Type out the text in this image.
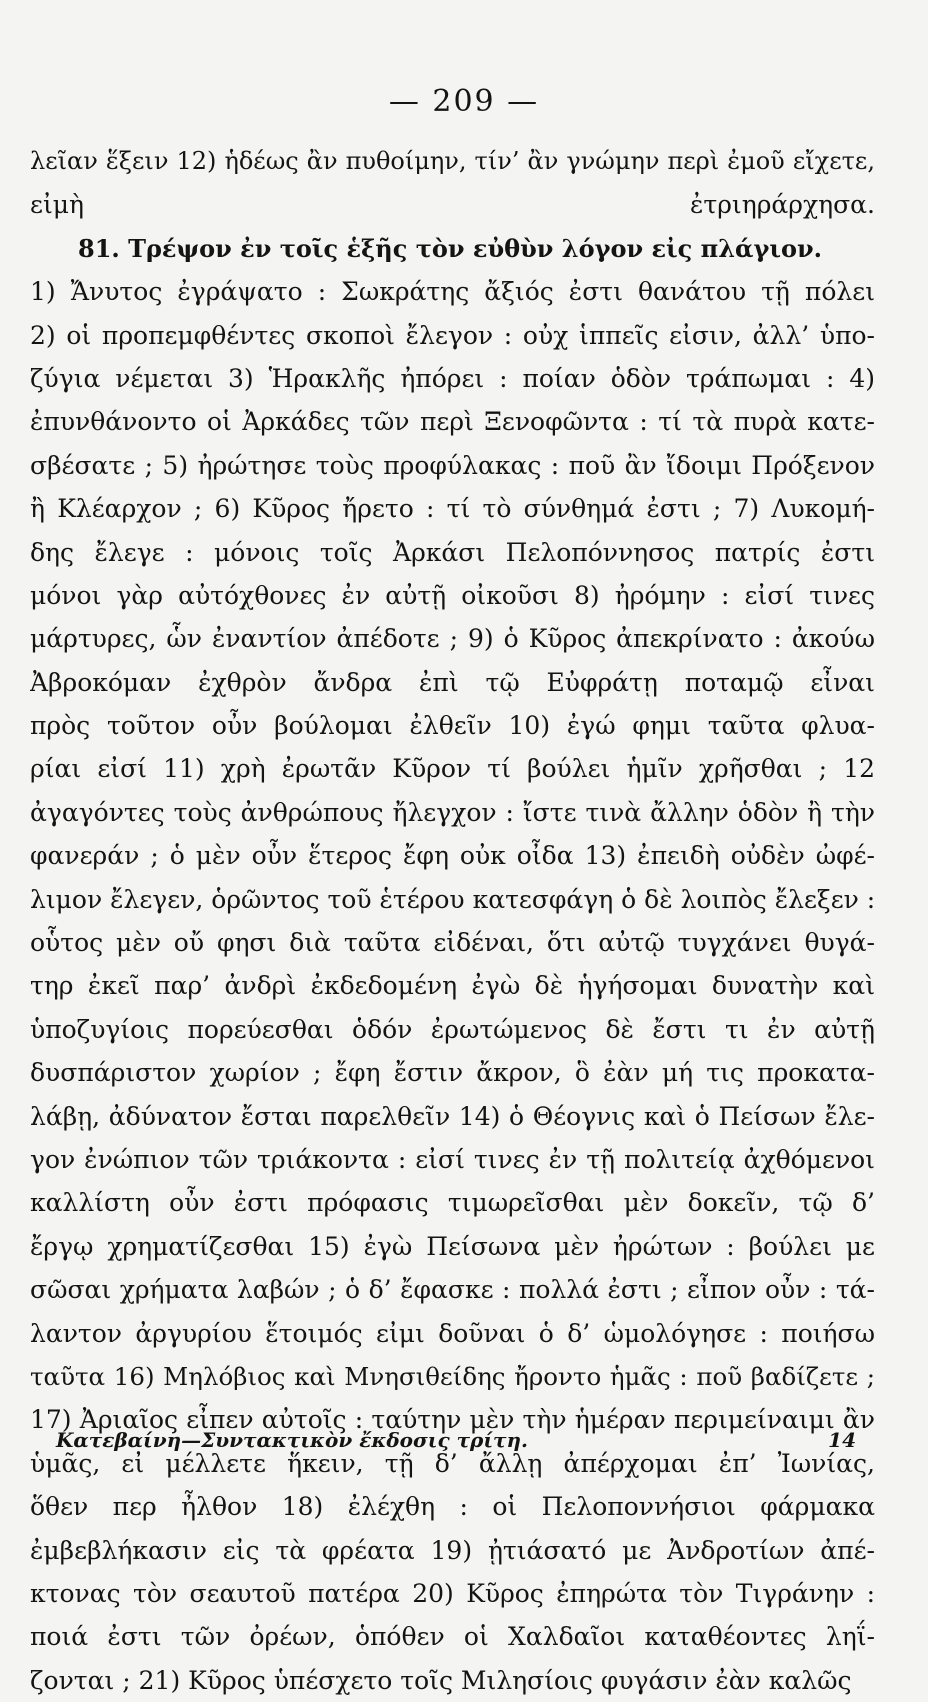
— 209 —
λεῖαν ἕξειν 12) ἡδέως ἂν πυθοίμην, τίν’ ἂν γνώμην περὶ ἐμοῦ εἴχετε,
εἰμὴ ἐτριηράρχησα.
81. Τρέψον ἐν τοῖς ἑξῆς τὸν εὐθὺν λόγον εἰς πλάγιον.
1) Ἄνυτος ἐγράψατο : Σωκράτης ἄξιός ἐστι θανάτου τῇ πόλει
2) οἱ προπεμφθέντες σκοποὶ ἔλεγον : οὐχ ἱππεῖς εἰσιν, ἀλλ’ ὑπο-
ζύγια νέμεται 3) Ἡρακλῆς ἠπόρει : ποίαν ὁδὸν τράπωμαι : 4)
ἐπυνθάνοντο οἱ Ἀρκάδες τῶν περὶ Ξενοφῶντα : τί τὰ πυρὰ κατε-
σβέσατε ; 5) ἠρώτησε τοὺς προφύλακας : ποῦ ἂν ἴδοιμι Πρόξενον
ἢ Κλέαρχον ; 6) Κῦρος ἤρετο : τί τὸ σύνθημά ἐστι ; 7) Λυκομή-
δης ἔλεγε : μόνοις τοῖς Ἀρκάσι Πελοπόννησος πατρίς ἐστι
μόνοι γὰρ αὐτόχθονες ἐν αὐτῇ οἰκοῦσι 8) ἠρόμην : εἰσί τινες
μάρτυρες, ὧν ἐναντίον ἀπέδοτε ; 9) ὁ Κῦρος ἀπεκρίνατο : ἀκούω
Ἀβροκόμαν ἐχθρὸν ἄνδρα ἐπὶ τῷ Εὐφράτῃ ποταμῷ εἶναι
πρὸς τοῦτον οὖν βούλομαι ἐλθεῖν 10) ἐγώ φημι ταῦτα φλυα-
ρίαι εἰσί 11) χρὴ ἐρωτᾶν Κῦρον τί βούλει ἡμῖν χρῆσθαι ; 12
ἀγαγόντες τοὺς ἀνθρώπους ἤλεγχον : ἴστε τινὰ ἄλλην ὁδὸν ἢ τὴν
φανεράν ; ὁ μὲν οὖν ἕτερος ἔφη οὐκ οἶδα 13) ἐπειδὴ οὐδὲν ὠφέ-
λιμον ἔλεγεν, ὁρῶντος τοῦ ἑτέρου κατεσφάγη ὁ δὲ λοιπὸς ἔλεξεν :
οὗτος μὲν οὔ φησι διὰ ταῦτα εἰδέναι, ὅτι αὐτῷ τυγχάνει θυγά-
τηρ ἐκεῖ παρ’ ἀνδρὶ ἐκδεδομένη ἐγὼ δὲ ἡγήσομαι δυνατὴν καὶ
ὑποζυγίοις πορεύεσθαι ὁδόν ἐρωτώμενος δὲ ἔστι τι ἐν αὐτῇ
δυσπάριστον χωρίον ; ἔφη ἔστιν ἄκρον, ὃ ἐὰν μή τις προκατα-
λάβῃ, ἀδύνατον ἔσται παρελθεῖν 14) ὁ Θέογνις καὶ ὁ Πείσων ἔλε-
γον ἐνώπιον τῶν τριάκοντα : εἰσί τινες ἐν τῇ πολιτείᾳ ἀχθόμενοι
καλλίστη οὖν ἐστι πρόφασις τιμωρεῖσθαι μὲν δοκεῖν, τῷ δ’
ἔργῳ χρηματίζεσθαι 15) ἐγὼ Πείσωνα μὲν ἠρώτων : βούλει με
σῶσαι χρήματα λαβών ; ὁ δ’ ἔφασκε : πολλά ἐστι ; εἶπον οὖν : τά-
λαντον ἀργυρίου ἕτοιμός εἰμι δοῦναι ὁ δ’ ὡμολόγησε : ποιήσω
ταῦτα 16) Μηλόβιος καὶ Μνησιθείδης ἤροντο ἡμᾶς : ποῦ βαδίζετε ;
17) Ἀριαῖος εἶπεν αὐτοῖς : ταύτην μὲν τὴν ἡμέραν περιμείναιμι ἂν
ὑμᾶς, εἰ μέλλετε ἥκειν, τῇ δ’ ἄλλῃ ἀπέρχομαι ἐπ’ Ἰωνίας,
ὅθεν περ ἦλθον 18) ἐλέχθη : οἱ Πελοποννήσιοι φάρμακα
ἐμβεβλήκασιν εἰς τὰ φρέατα 19) ᾐτιάσατό με Ἀνδροτίων ἀπέ-
κτονας τὸν σεαυτοῦ πατέρα 20) Κῦρος ἐπηρώτα τὸν Τιγράνην :
ποιά ἐστι τῶν ὀρέων, ὁπόθεν οἱ Χαλδαῖοι καταθέοντες ληΐ-
ζονται ; 21) Κῦρος ὑπέσχετο τοῖς Μιλησίοις φυγάσιν ἐὰν καλῶς
Κατεβαίνη—Συντακτικὸν ἔκδοσις τρίτη.	14
